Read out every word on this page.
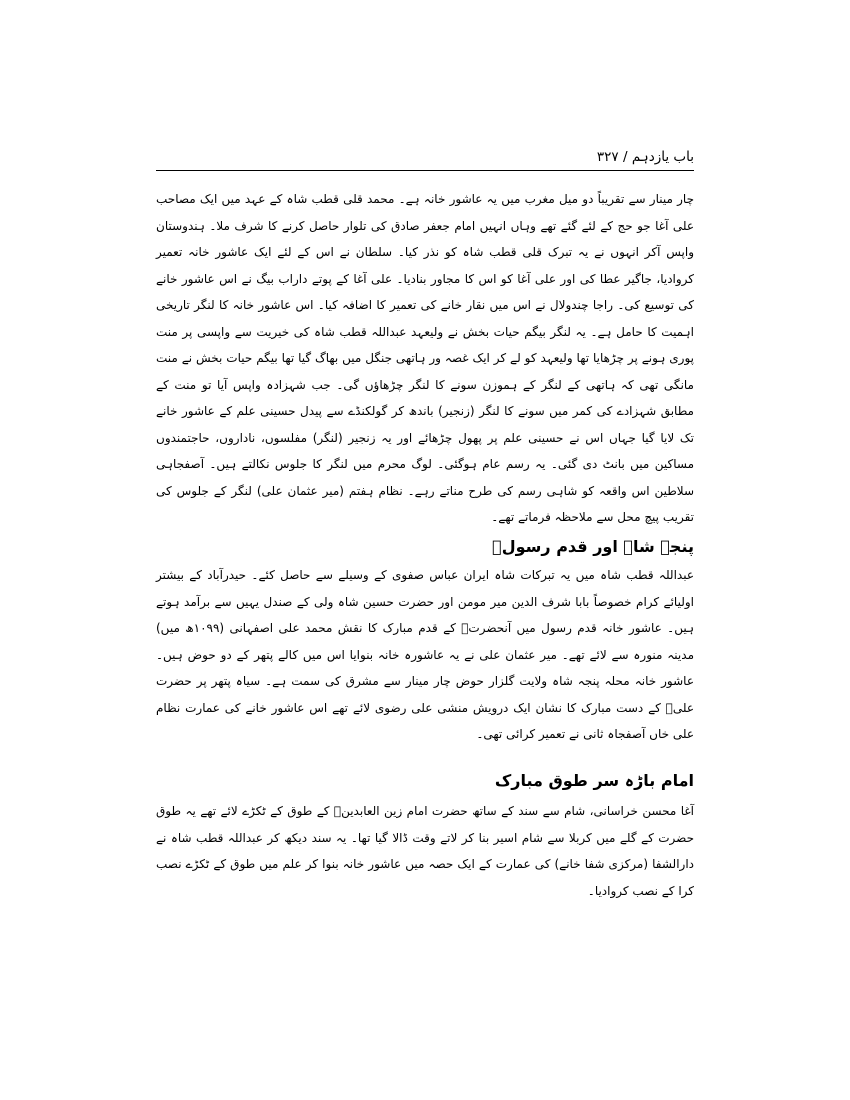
باب یازدہم / ۳۲۷

چار مینار سے تقریباً دو میل مغرب میں یہ عاشور خانہ ہے۔ محمد قلی قطب شاہ کے عہد میں ایک مصاحب علی آغا جو حج کے لئے گئے تھے وہاں انہیں امام جعفر صادق کی تلوار حاصل کرنے کا شرف ملا۔ ہندوستان واپس آکر انہوں نے یہ تبرک قلی قطب شاہ کو نذر کیا۔ سلطان نے اس کے لئے ایک عاشور خانہ تعمیر کروادیا، جاگیر عطا کی اور علی آغا کو اس کا مجاور بنادیا۔ علی آغا کے پوتے داراب بیگ نے اس عاشور خانے کی توسیع کی۔ راجا چندولال نے اس میں نقار خانے کی تعمیر کا اضافہ کیا۔ اس عاشور خانہ کا لنگر تاریخی اہمیت کا حامل ہے۔ یہ لنگر بیگم حیات بخش نے ولیعہد عبداللہ قطب شاہ کی خیریت سے واپسی پر منت پوری ہونے پر چڑھایا تھا ولیعہد کو لے کر ایک غصہ ور ہاتھی جنگل میں بھاگ گیا تھا بیگم حیات بخش نے منت مانگی تھی کہ ہاتھی کے لنگر کے ہموزن سونے کا لنگر چڑھاؤں گی۔ جب شہزادہ واپس آیا تو منت کے مطابق شہزادے کی کمر میں سونے کا لنگر (زنجیر) باندھ کر گولکنڈے سے پیدل حسینی علم کے عاشور خانے تک لایا گیا جہاں اس نے حسینی علم پر پھول چڑھائے اور یہ زنجیر (لنگر) مفلسوں، ناداروں، حاجتمندوں مساکین میں بانٹ دی گئی۔ یہ رسم عام ہوگئی۔ لوگ محرم میں لنگر کا جلوس نکالتے ہیں۔ آصفجاہی سلاطین اس واقعہ کو شاہی رسم کی طرح مناتے رہے۔ نظام ہفتم (میر عثمان علی) لنگر کے جلوس کی تقریب پیچ محل سے ملاحظہ فرماتے تھے۔

پنجہ شاہ اور قدم رسولؐ

عبداللہ قطب شاہ میں یہ تبرکات شاہ ایران عباس صفوی کے وسیلے سے حاصل کئے۔ حیدرآباد کے بیشتر اولیائے کرام خصوصاً بابا شرف الدین میر مومن اور حضرت حسین شاہ ولی کے صندل یہیں سے برآمد ہوتے ہیں۔ عاشور خانہ قدم رسول میں آنحضرتؐ کے قدم مبارک کا نقش محمد علی اصفہانی (۱۰۹۹ھ میں) مدینہ منورہ سے لائے تھے۔ میر عثمان علی نے یہ عاشورہ خانہ بنوایا اس میں کالے پتھر کے دو حوض ہیں۔ عاشور خانہ محلہ پنجہ شاہ ولایت گلزار حوض چار مینار سے مشرق کی سمت ہے۔ سیاہ پتھر پر حضرت علیؓ کے دست مبارک کا نشان ایک درویش منشی علی رضوی لائے تھے اس عاشور خانے کی عمارت نظام علی خاں آصفجاہ ثانی نے تعمیر کرائی تھی۔

امام باڑہ سر طوق مبارک

آغا محسن خراسانی، شام سے سند کے ساتھ حضرت امام زین العابدینؓ کے طوق کے ٹکڑے لائے تھے یہ طوق حضرت کے گلے میں کربلا سے شام اسیر بنا کر لاتے وقت ڈالا گیا تھا۔ یہ سند دیکھ کر عبداللہ قطب شاہ نے دارالشفا (مرکزی شفا خانے) کی عمارت کے ایک حصہ میں عاشور خانہ بنوا کر علم میں طوق کے ٹکڑے نصب کرا کے نصب کروادیا۔
